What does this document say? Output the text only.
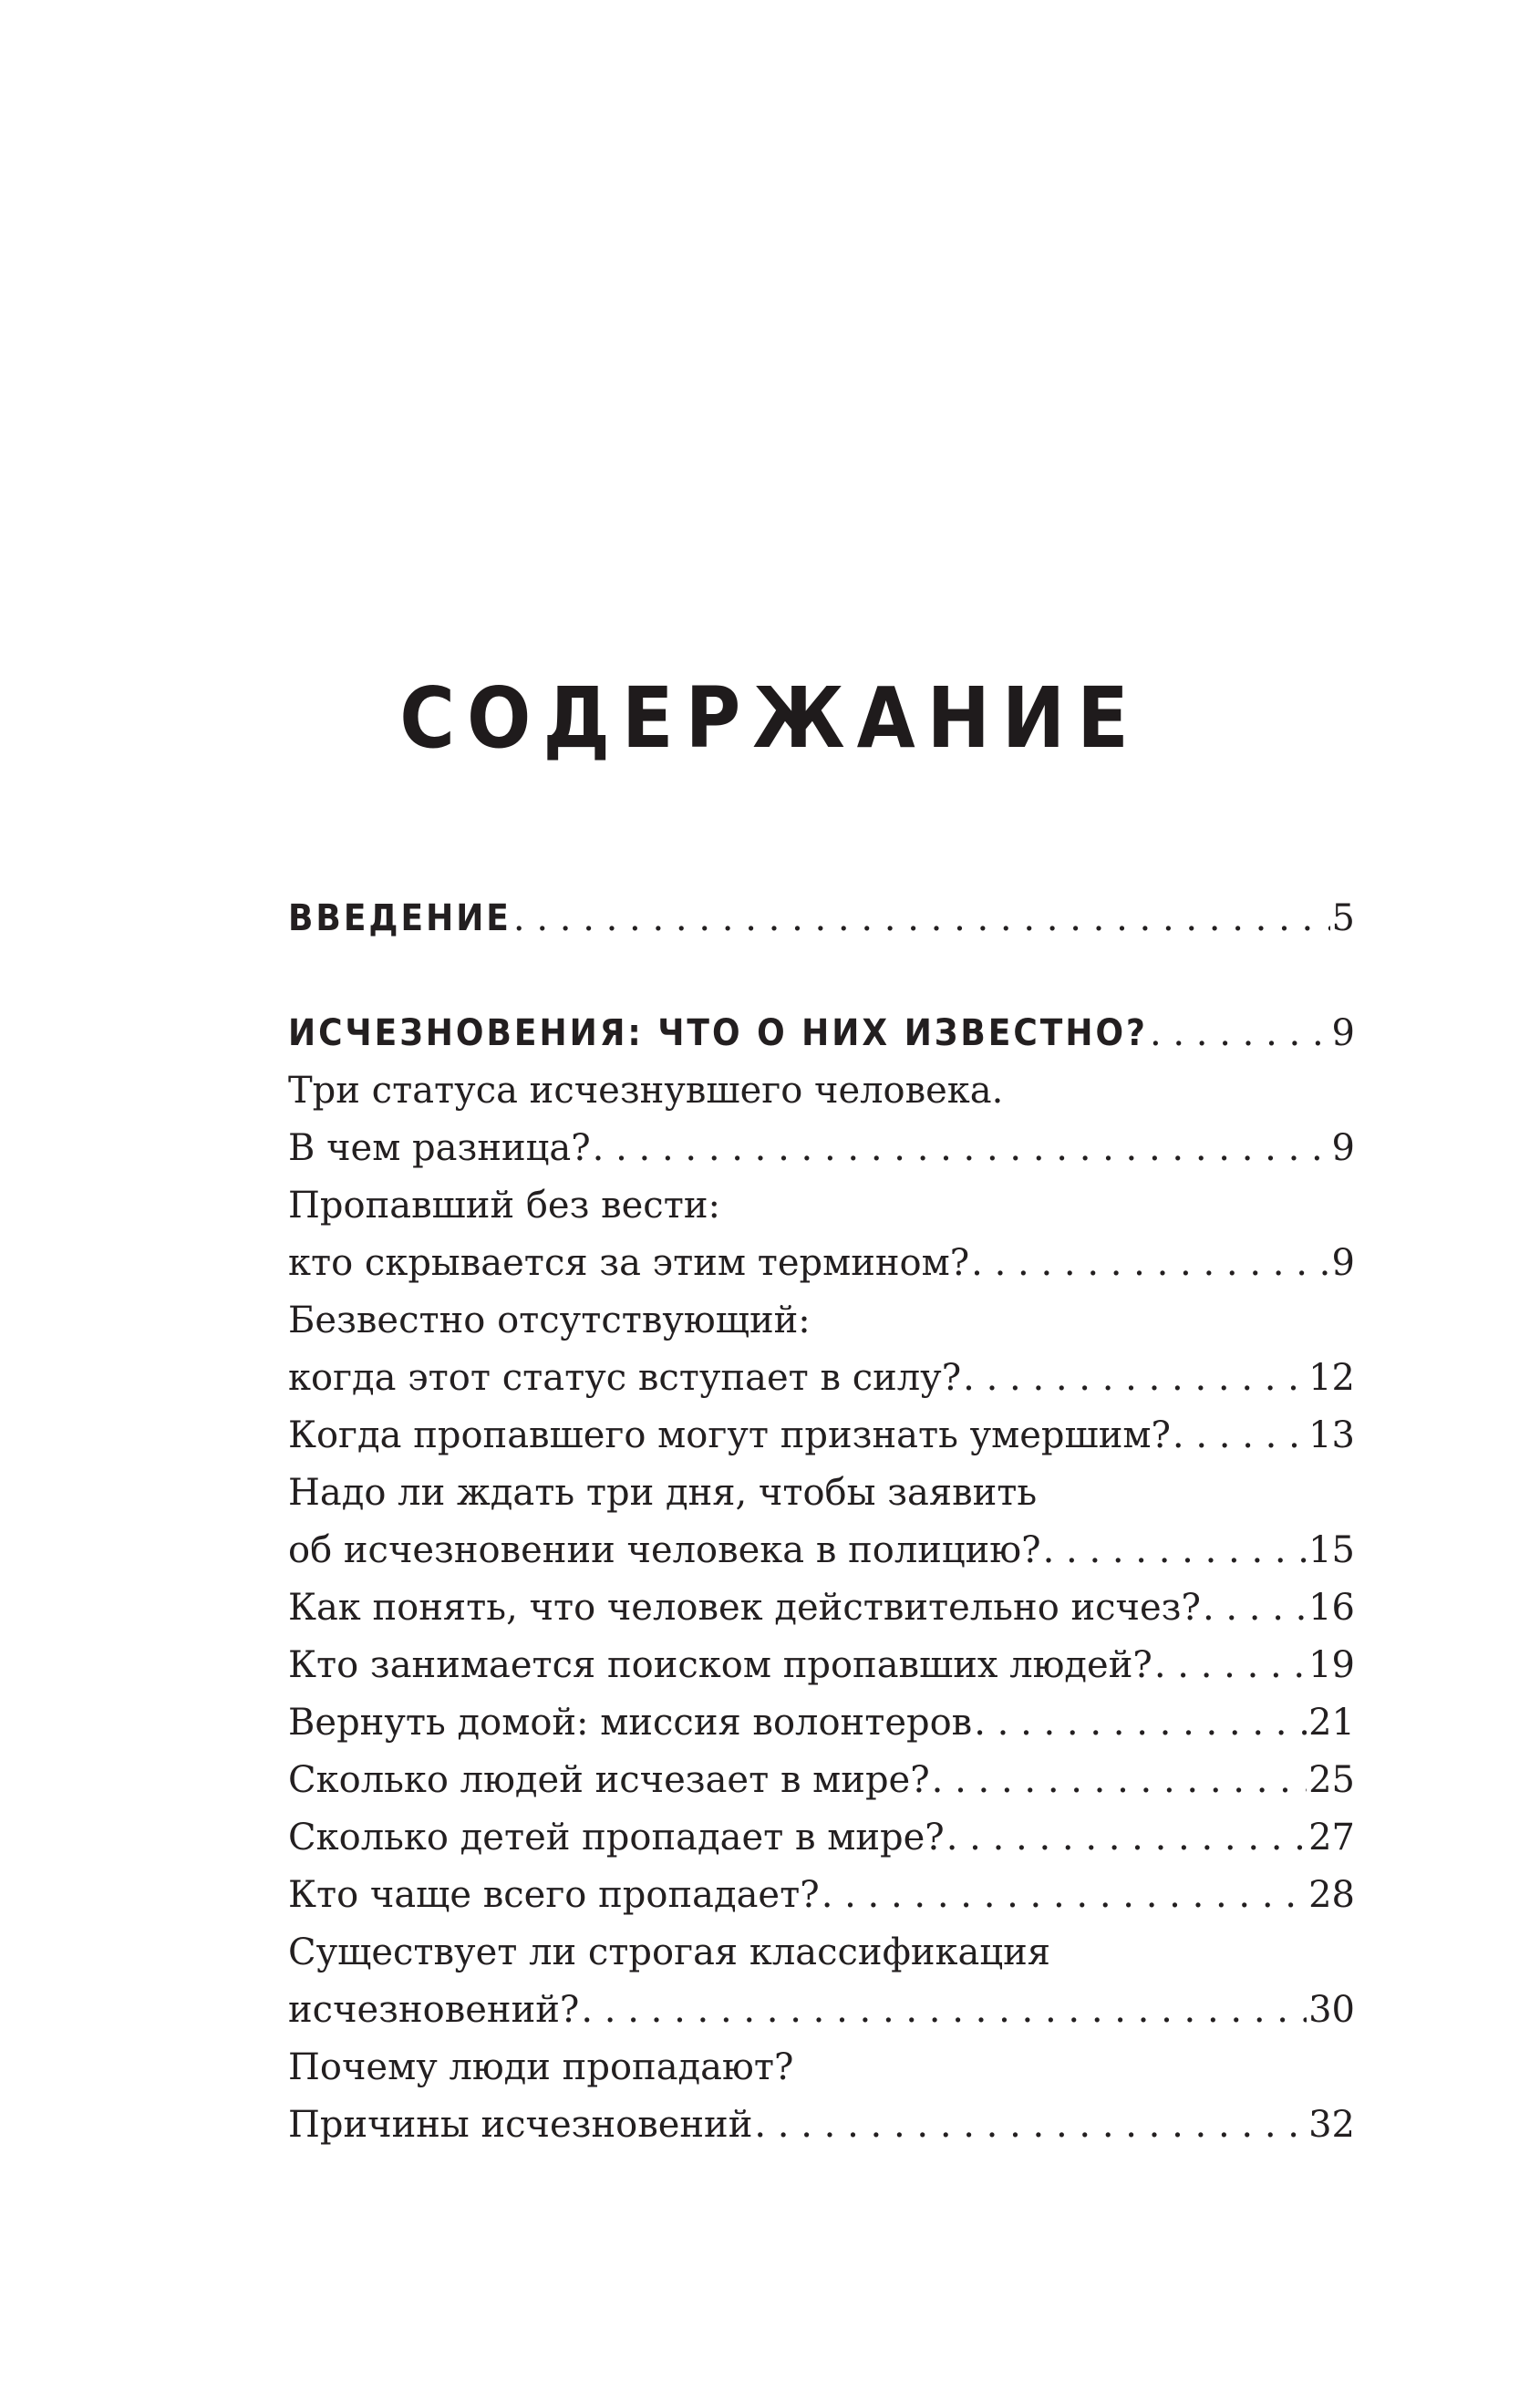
СОДЕРЖАНИЕ
ВВЕДЕНИЕ . . .	5
ИСЧЕЗНОВЕНИЯ: ЧТО О НИХ ИЗВЕСТНО? . . .	9
Три статуса исчезнувшего человека.
В чем разница? . . .	9
Пропавший без вести:
кто скрывается за этим термином? . . .	9
Безвестно отсутствующий:
когда этот статус вступает в силу? . . .	12
Когда пропавшего могут признать умершим? . . .	13
Надо ли ждать три дня, чтобы заявить
об исчезновении человека в полицию? . . .	15
Как понять, что человек действительно исчез? . . .	16
Кто занимается поиском пропавших людей? . . .	19
Вернуть домой: миссия волонтеров . . .	21
Сколько людей исчезает в мире? . . .	25
Сколько детей пропадает в мире? . . .	27
Кто чаще всего пропадает? . . .	28
Существует ли строгая классификация
исчезновений? . . .	30
Почему люди пропадают?
Причины исчезновений . . .	32
